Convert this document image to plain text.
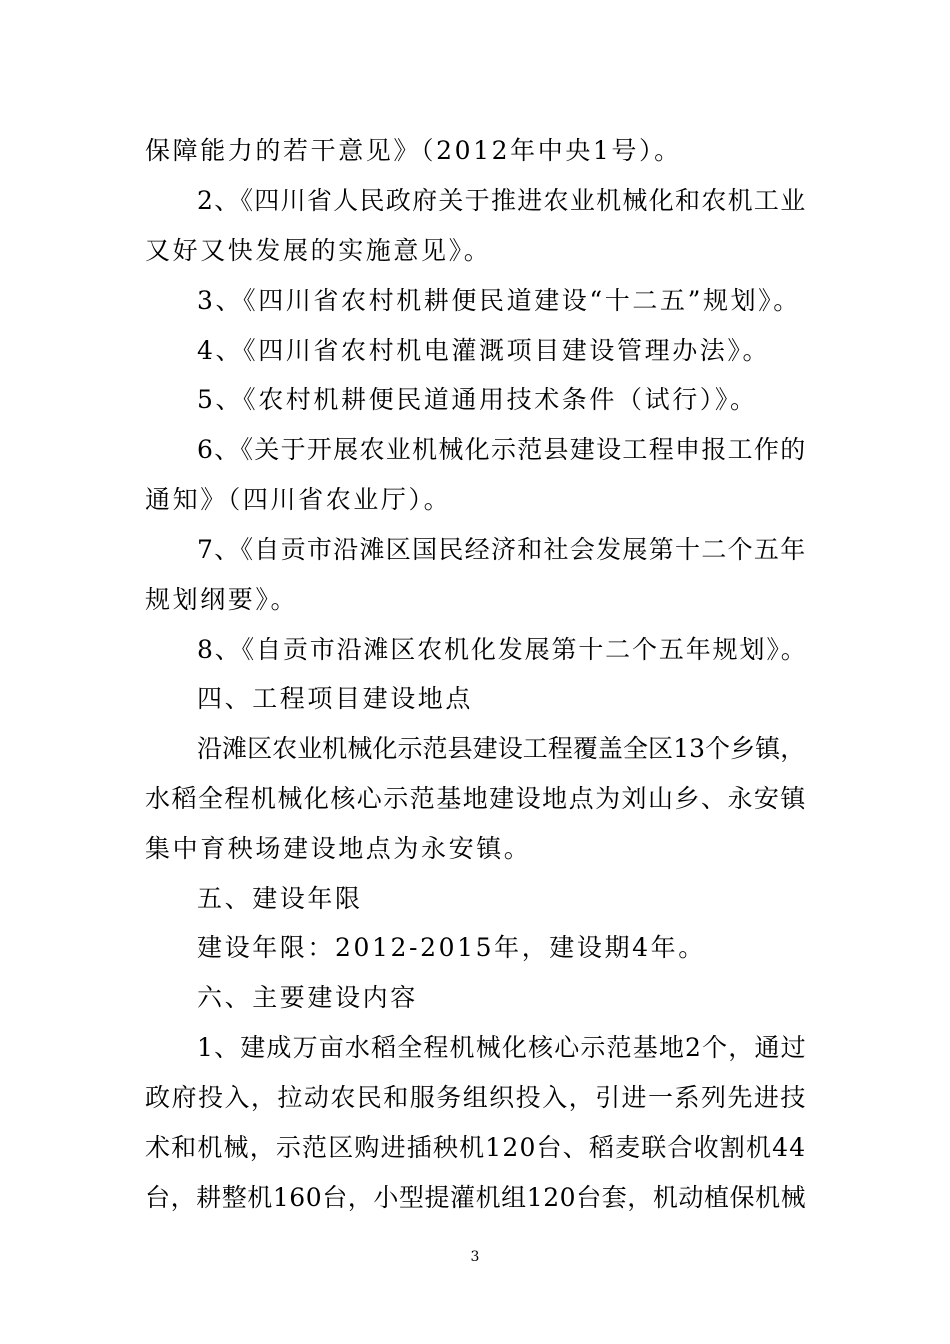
保障能力的若干意见》（2012年中央1号）。
2、《四川省人民政府关于推进农业机械化和农机工业
又好又快发展的实施意见》。
3、《四川省农村机耕便民道建设“十二五”规划》。
4、《四川省农村机电灌溉项目建设管理办法》。
5、《农村机耕便民道通用技术条件（试行）》。
6、《关于开展农业机械化示范县建设工程申报工作的
通知》（四川省农业厅）。
7、《自贡市沿滩区国民经济和社会发展第十二个五年
规划纲要》。
8、《自贡市沿滩区农机化发展第十二个五年规划》。
四、工程项目建设地点
沿滩区农业机械化示范县建设工程覆盖全区13个乡镇，
水稻全程机械化核心示范基地建设地点为刘山乡、永安镇
集中育秧场建设地点为永安镇。
五、建设年限
建设年限：2012-2015年，建设期4年。
六、主要建设内容
1、建成万亩水稻全程机械化核心示范基地2个，通过
政府投入，拉动农民和服务组织投入，引进一系列先进技
术和机械，示范区购进插秧机120台、稻麦联合收割机44
台，耕整机160台，小型提灌机组120台套，机动植保机械
3
